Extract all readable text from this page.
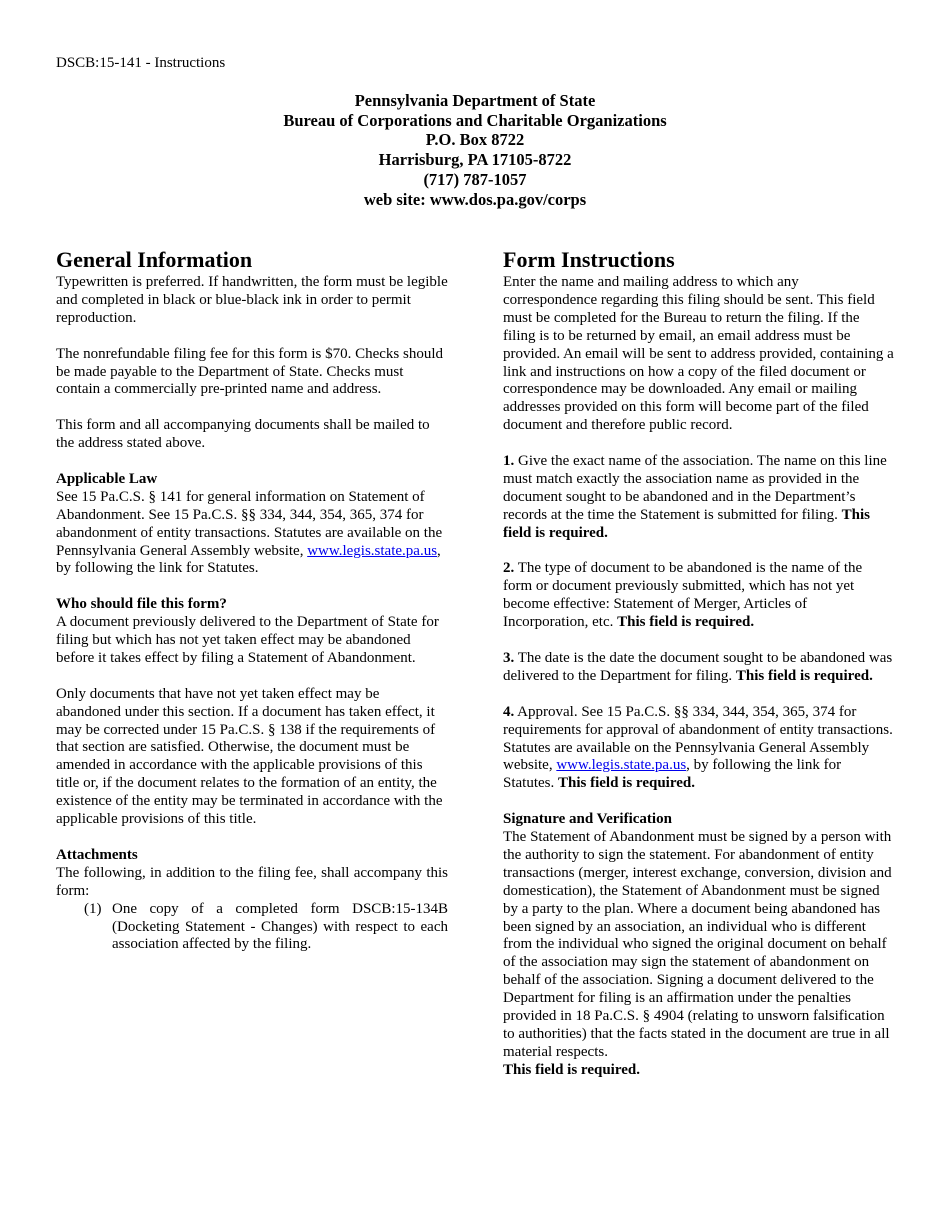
DSCB:15-141 - Instructions
Pennsylvania Department of State
Bureau of Corporations and Charitable Organizations
P.O. Box 8722
Harrisburg, PA 17105-8722
(717) 787-1057
web site: www.dos.pa.gov/corps
General Information

Typewritten is preferred. If handwritten, the form must be legible and completed in black or blue-black ink in order to permit reproduction.

The nonrefundable filing fee for this form is $70. Checks should be made payable to the Department of State. Checks must contain a commercially pre-printed name and address.

This form and all accompanying documents shall be mailed to the address stated above.

Applicable Law
See 15 Pa.C.S. § 141 for general information on Statement of Abandonment. See 15 Pa.C.S. §§ 334, 344, 354, 365, 374 for abandonment of entity transactions. Statutes are available on the Pennsylvania General Assembly website, www.legis.state.pa.us, by following the link for Statutes.

Who should file this form?
A document previously delivered to the Department of State for filing but which has not yet taken effect may be abandoned before it takes effect by filing a Statement of Abandonment.

Only documents that have not yet taken effect may be abandoned under this section. If a document has taken effect, it may be corrected under 15 Pa.C.S. § 138 if the requirements of that section are satisfied. Otherwise, the document must be amended in accordance with the applicable provisions of this title or, if the document relates to the formation of an entity, the existence of the entity may be terminated in accordance with the applicable provisions of this title.

Attachments
The following, in addition to the filing fee, shall accompany this form:
(1) One copy of a completed form DSCB:15-134B (Docketing Statement - Changes) with respect to each association affected by the filing.
Form Instructions

Enter the name and mailing address to which any correspondence regarding this filing should be sent. This field must be completed for the Bureau to return the filing. If the filing is to be returned by email, an email address must be provided. An email will be sent to address provided, containing a link and instructions on how a copy of the filed document or correspondence may be downloaded. Any email or mailing addresses provided on this form will become part of the filed document and therefore public record.

1. Give the exact name of the association. The name on this line must match exactly the association name as provided in the document sought to be abandoned and in the Department’s records at the time the Statement is submitted for filing. This field is required.

2. The type of document to be abandoned is the name of the form or document previously submitted, which has not yet become effective: Statement of Merger, Articles of Incorporation, etc. This field is required.

3. The date is the date the document sought to be abandoned was delivered to the Department for filing. This field is required.

4. Approval. See 15 Pa.C.S. §§ 334, 344, 354, 365, 374 for requirements for approval of abandonment of entity transactions. Statutes are available on the Pennsylvania General Assembly website, www.legis.state.pa.us, by following the link for Statutes. This field is required.

Signature and Verification
The Statement of Abandonment must be signed by a person with the authority to sign the statement. For abandonment of entity transactions (merger, interest exchange, conversion, division and domestication), the Statement of Abandonment must be signed by a party to the plan. Where a document being abandoned has been signed by an association, an individual who is different from the individual who signed the original document on behalf of the association may sign the statement of abandonment on behalf of the association. Signing a document delivered to the Department for filing is an affirmation under the penalties provided in 18 Pa.C.S. § 4904 (relating to unsworn falsification to authorities) that the facts stated in the document are true in all material respects.
This field is required.
